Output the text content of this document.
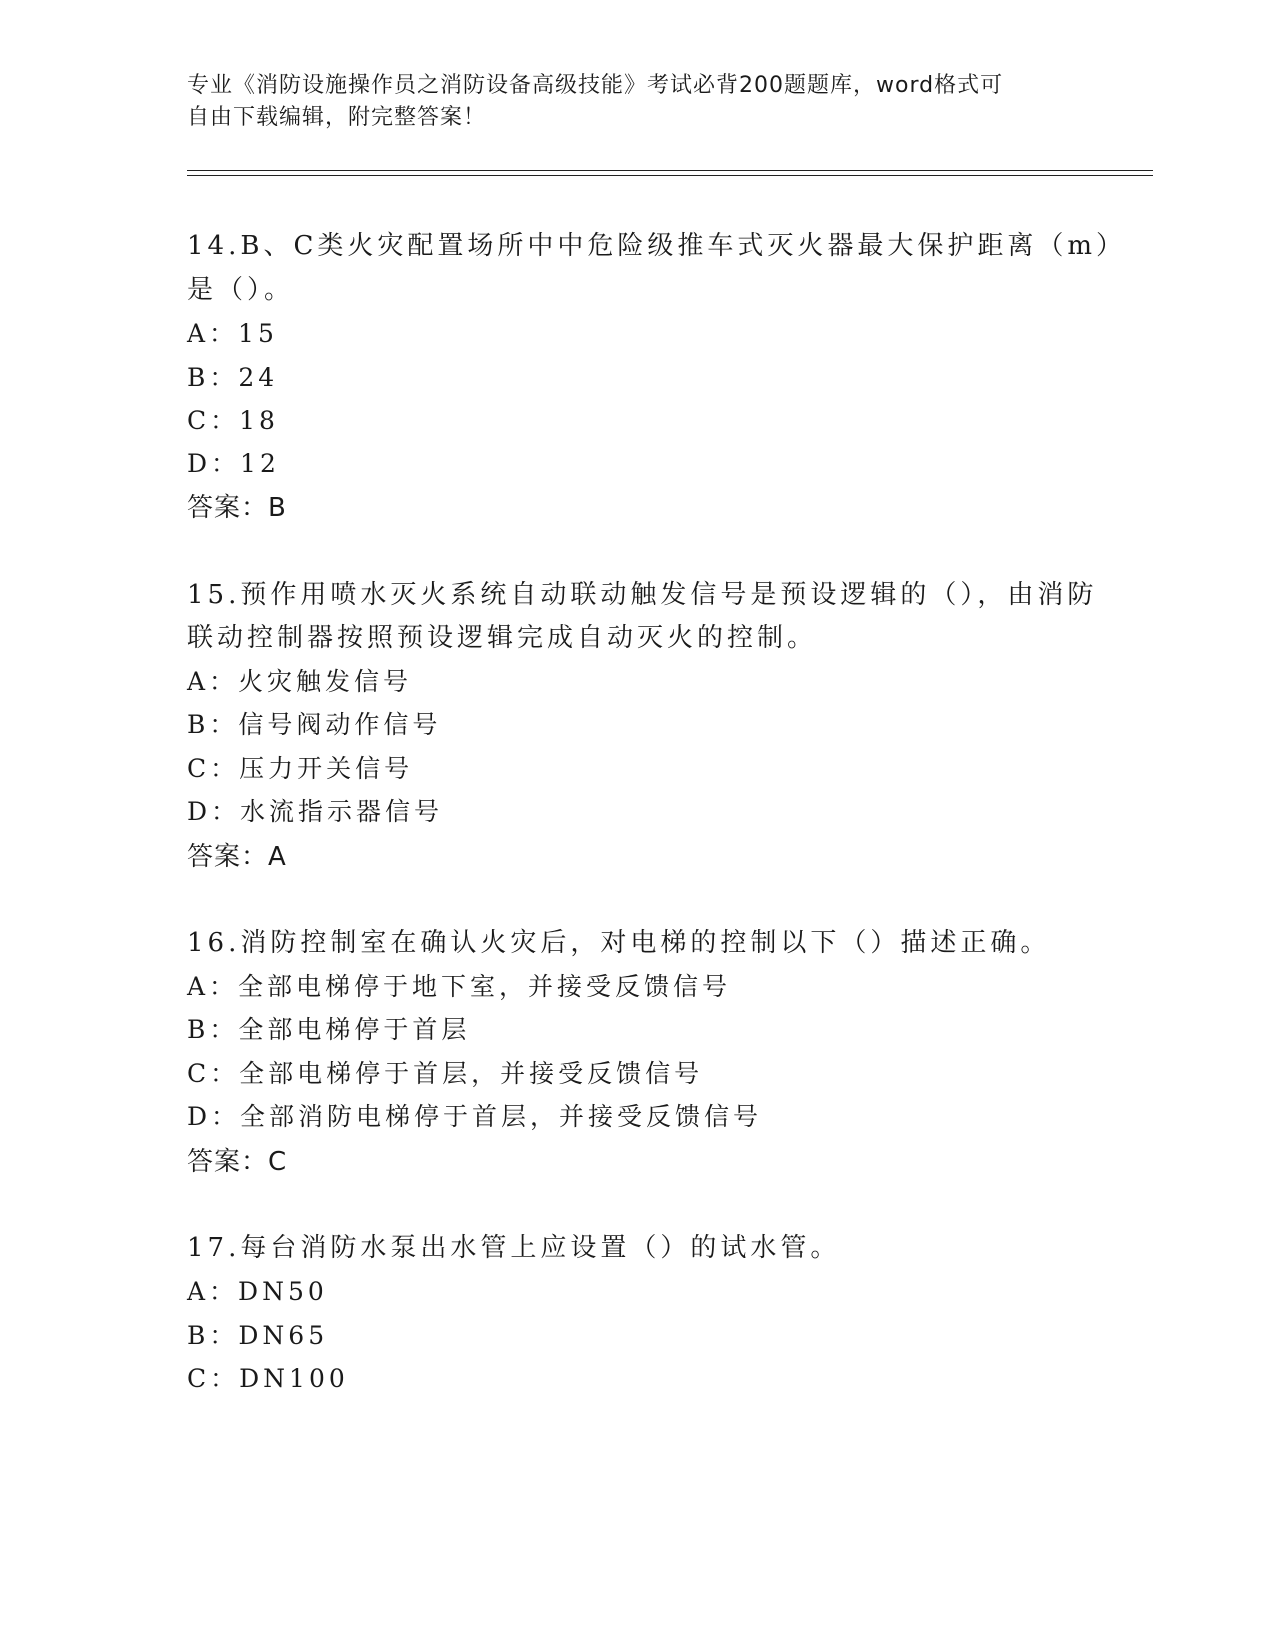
专业《消防设施操作员之消防设备高级技能》考试必背200题题库，word格式可
自由下载编辑，附完整答案！
14.B、C类火灾配置场所中中危险级推车式灭火器最大保护距离（m）
是（）。
A：15
B：24
C：18
D：12
答案：B
15.预作用喷水灭火系统自动联动触发信号是预设逻辑的（），由消防
联动控制器按照预设逻辑完成自动灭火的控制。
A：火灾触发信号
B：信号阀动作信号
C：压力开关信号
D：水流指示器信号
答案：A
16.消防控制室在确认火灾后，对电梯的控制以下（）描述正确。
A：全部电梯停于地下室，并接受反馈信号
B：全部电梯停于首层
C：全部电梯停于首层，并接受反馈信号
D：全部消防电梯停于首层，并接受反馈信号
答案：C
17.每台消防水泵出水管上应设置（）的试水管。
A：DN50
B：DN65
C：DN100
